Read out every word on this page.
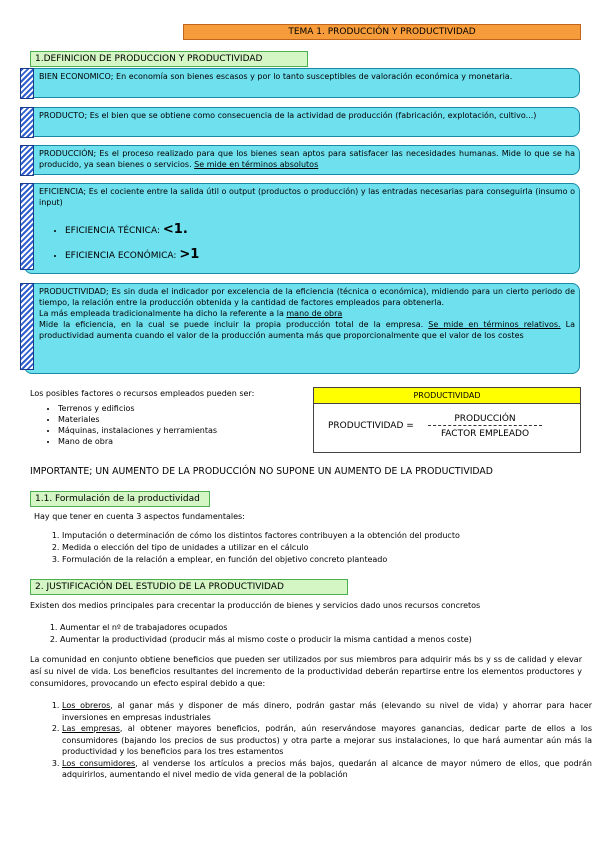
TEMA 1. PRODUCCIÓN Y PRODUCTIVIDAD
1.DEFINICION DE PRODUCCION Y PRODUCTIVIDAD
BIEN ECONOMICO; En economía son bienes escasos y por lo tanto susceptibles de valoración económica y monetaria.
PRODUCTO; Es el bien que se obtiene como consecuencia de la actividad de producción (fabricación, explotación, cultivo...)
PRODUCCIÓN; Es el proceso realizado para que los bienes sean aptos para satisfacer las necesidades humanas. Mide lo que se ha producido, ya sean bienes o servicios. Se mide en términos absolutos
EFICIENCIA; Es el cociente entre la salida útil o output (productos o producción) y las entradas necesarias para conseguirla (insumo o input)
• EFICIENCIA TÉCNICA: <1.
• EFICIENCIA ECONÓMICA: >1
PRODUCTIVIDAD; Es sin duda el indicador por excelencia de la eficiencia (técnica o económica), midiendo para un cierto periodo de tiempo, la relación entre la producción obtenida y la cantidad de factores empleados para obtenerla.
La más empleada tradicionalmente ha dicho la referente a la mano de obra
Mide la eficiencia, en la cual se puede incluir la propia producción total de la empresa. Se mide en términos relativos. La productividad aumenta cuando el valor de la producción aumenta más que proporcionalmente que el valor de los costes
Los posibles factores o recursos empleados pueden ser:
• Terrenos y edificios
• Materiales
• Máquinas, instalaciones y herramientas
• Mano de obra
PRODUCTIVIDAD
PRODUCTIVIDAD =
PRODUCCIÓN
FACTOR EMPLEADO
IMPORTANTE; UN AUMENTO DE LA PRODUCCIÓN NO SUPONE UN AUMENTO DE LA PRODUCTIVIDAD
1.1. Formulación de la productividad
Hay que tener en cuenta 3 aspectos fundamentales:
1. Imputación o determinación de cómo los distintos factores contribuyen a la obtención del producto
2. Medida o elección del tipo de unidades a utilizar en el cálculo
3. Formulación de la relación a emplear, en función del objetivo concreto planteado
2. JUSTIFICACIÓN DEL ESTUDIO DE LA PRODUCTIVIDAD
Existen dos medios principales para crecentar la producción de bienes y servicios dado unos recursos concretos
1. Aumentar el nº de trabajadores ocupados
2. Aumentar la productividad (producir más al mismo coste o producir la misma cantidad a menos coste)
La comunidad en conjunto obtiene beneficios que pueden ser utilizados por sus miembros para adquirir más bs y ss de calidad y elevar así su nivel de vida. Los beneficios resultantes del incremento de la productividad deberán repartirse entre los elementos productores y consumidores, provocando un efecto espiral debido a que:
1. Los obreros, al ganar más y disponer de más dinero, podrán gastar más (elevando su nivel de vida) y ahorrar para hacer inversiones en empresas industriales
2. Las empresas, al obtener mayores beneficios, podrán, aún reservándose mayores ganancias, dedicar parte de ellos a los consumidores (bajando los precios de sus productos) y otra parte a mejorar sus instalaciones, lo que hará aumentar aún más la productividad y los beneficios para los tres estamentos
3. Los consumidores, al venderse los artículos a precios más bajos, quedarán al alcance de mayor número de ellos, que podrán adquirirlos, aumentando el nivel medio de vida general de la población
